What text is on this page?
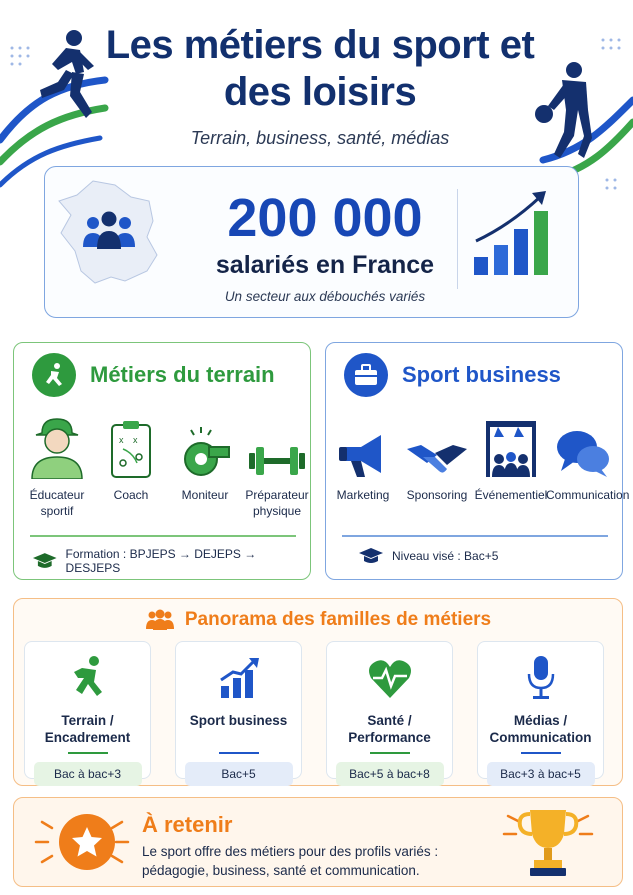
Les métiers du sport et des loisirs
Terrain, business, santé, médias
200 000
salariés en France
Un secteur aux débouchés variés
Métiers du terrain
Éducateur sportif
x x
Coach	Moniteur	Préparateur physique
Formation : BPJEPS → DEJEPS → DESJEPS
Sport business
Marketing	Sponsoring Événementiel
Communication
Niveau visé : Bac+5
Panorama des familles de métiers
Terrain / Encadrement
Bac à bac+3
Sport business
Bac+5
Santé / Performance
Bac+5 à bac+8
Médias / Communication
Bac+3 à bac+5
À retenir
Le sport offre des métiers pour des profils variés : pédagogie, business, santé et communication.
